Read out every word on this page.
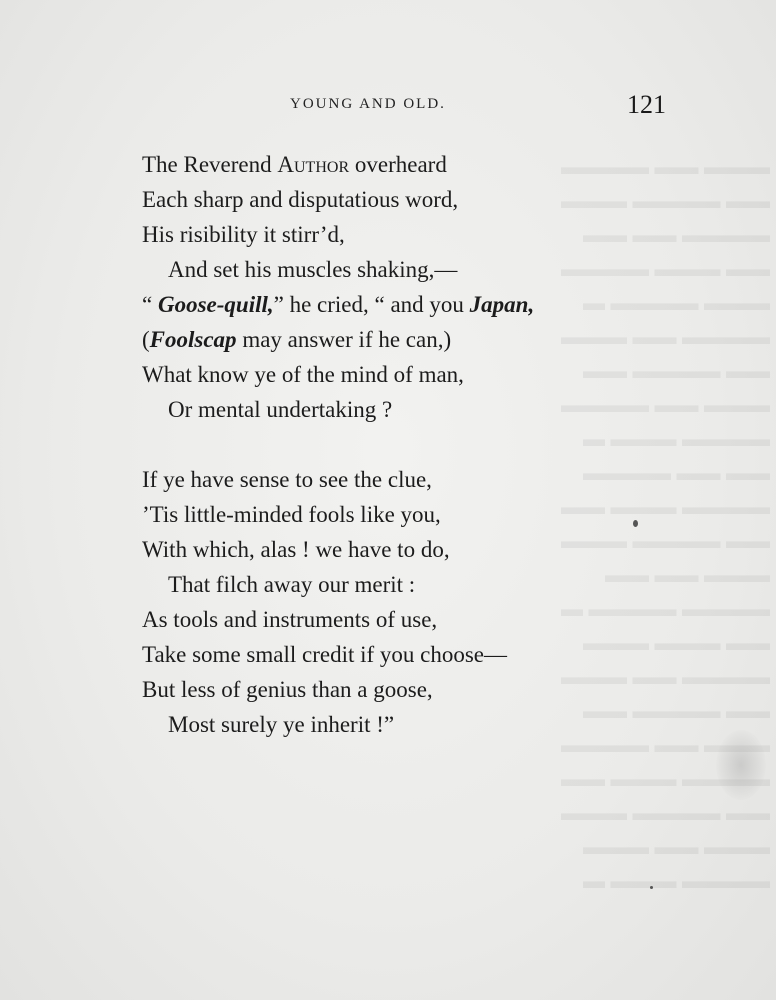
▬▬▬ ▬▬ ▬▬▬▬
▬▬ ▬▬▬▬ ▬▬▬
▬▬▬▬ ▬▬ ▬▬
▬▬ ▬▬▬ ▬▬▬▬
▬▬▬ ▬▬▬▬ ▬
▬▬▬▬ ▬▬ ▬▬▬
▬▬ ▬▬▬▬ ▬▬
▬▬▬ ▬▬ ▬▬▬▬
▬▬▬▬ ▬▬▬ ▬
▬▬ ▬▬ ▬▬▬▬
▬▬▬▬ ▬▬▬ ▬▬
▬▬ ▬▬▬▬ ▬▬▬
▬▬▬ ▬▬ ▬▬
▬▬▬▬ ▬▬▬▬ ▬
▬▬ ▬▬▬ ▬▬▬
▬▬▬▬ ▬▬ ▬▬▬
▬▬ ▬▬▬▬ ▬▬
▬▬▬ ▬▬ ▬▬▬▬
▬▬▬▬ ▬▬▬ ▬▬
▬▬ ▬▬▬▬ ▬▬▬
▬▬▬ ▬▬ ▬▬▬
▬▬▬▬ ▬▬▬ ▬
YOUNG AND OLD.	121
The Reverend Author overheard
Each sharp and disputatious word,
His risibility it stirr’d,
And set his muscles shaking,—
“ Goose-quill,” he cried, “ and you Japan,
(Foolscap may answer if he can,)
What know ye of the mind of man,
Or mental undertaking ?
If ye have sense to see the clue,
’Tis little-minded fools like you,
With which, alas ! we have to do,
That filch away our merit :
As tools and instruments of use,
Take some small credit if you choose—
But less of genius than a goose,
Most surely ye inherit !”
